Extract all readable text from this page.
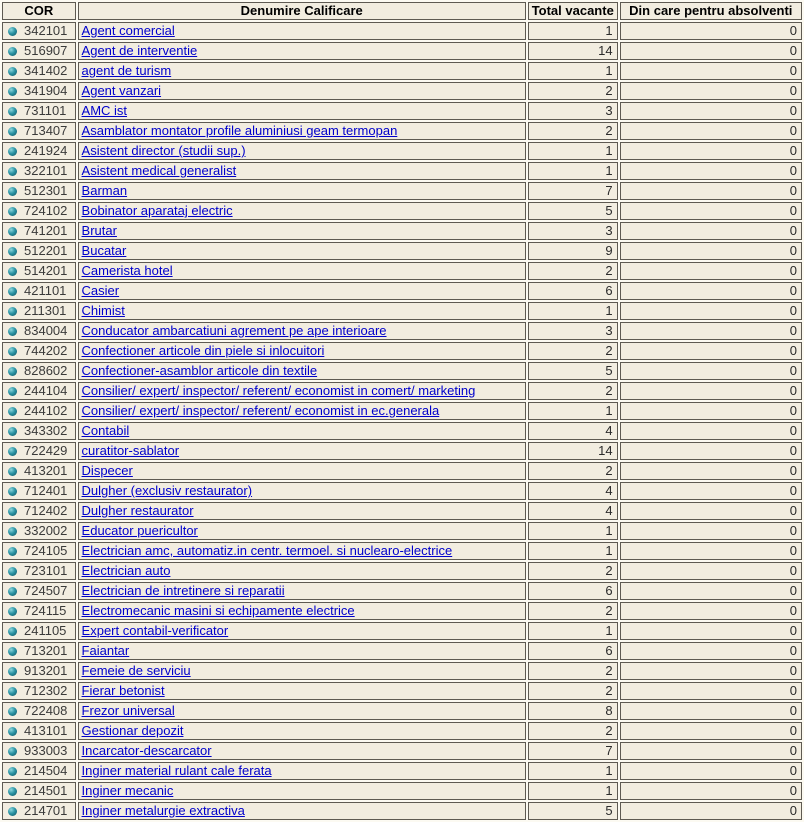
COR	Denumire Calificare	Total vacante	Din care pentru absolventi
342101	Agent comercial	1	0
516907	Agent de interventie	14	0
341402	agent de turism	1	0
341904	Agent vanzari	2	0
731101	AMC ist	3	0
713407	Asamblator montator profile aluminiusi geam termopan	2	0
241924	Asistent director (studii sup.)	1	0
322101	Asistent medical generalist	1	0
512301	Barman	7	0
724102	Bobinator aparataj electric	5	0
741201	Brutar	3	0
512201	Bucatar	9	0
514201	Camerista hotel	2	0
421101	Casier	6	0
211301	Chimist	1	0
834004	Conducator ambarcatiuni agrement pe ape interioare	3	0
744202	Confectioner articole din piele si inlocuitori	2	0
828602	Confectioner-asamblor articole din textile	5	0
244104	Consilier/ expert/ inspector/ referent/ economist in comert/ marketing	2	0
244102	Consilier/ expert/ inspector/ referent/ economist in ec.generala	1	0
343302	Contabil	4	0
722429	curatitor-sablator	14	0
413201	Dispecer	2	0
712401	Dulgher (exclusiv restaurator)	4	0
712402	Dulgher restaurator	4	0
332002	Educator puericultor	1	0
724105	Electrician amc, automatiz.in centr. termoel. si nuclearo-electrice	1	0
723101	Electrician auto	2	0
724507	Electrician de intretinere si reparatii	6	0
724115	Electromecanic masini si echipamente electrice	2	0
241105	Expert contabil-verificator	1	0
713201	Faiantar	6	0
913201	Femeie de serviciu	2	0
712302	Fierar betonist	2	0
722408	Frezor universal	8	0
413101	Gestionar depozit	2	0
933003	Incarcator-descarcator	7	0
214504	Inginer material rulant cale ferata	1	0
214501	Inginer mecanic	1	0
214701	Inginer metalurgie extractiva	5	0
